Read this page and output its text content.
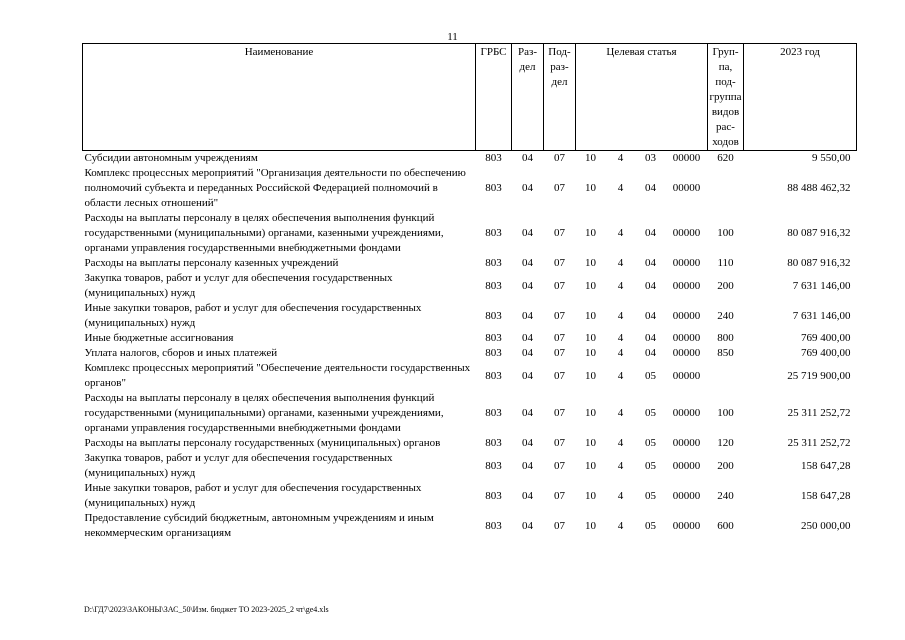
11
Наименование	ГРБС	Раз-дел	Под-раз-дел	Целевая статья				Груп-па, под-группа видов рас-ходов	2023 год
Субсидии автономным учреждениям	803	04	07	10	4	03	00000	620	9 550,00
Комплекс процессных мероприятий "Организация деятельности по обеспечению полномочий субъекта и переданных Российской Федерацией полномочий в области лесных отношений"	803	04	07	10	4	04	00000		88 488 462,32
Расходы на выплаты персоналу в целях обеспечения выполнения функций государственными (муниципальными) органами, казенными учреждениями, органами управления государственными внебюджетными фондами	803	04	07	10	4	04	00000	100	80 087 916,32
Расходы на выплаты персоналу казенных учреждений	803	04	07	10	4	04	00000	110	80 087 916,32
Закупка товаров, работ и услуг для обеспечения государственных (муниципальных) нужд	803	04	07	10	4	04	00000	200	7 631 146,00
Иные закупки товаров, работ и услуг для обеспечения государственных (муниципальных) нужд	803	04	07	10	4	04	00000	240	7 631 146,00
Иные бюджетные ассигнования	803	04	07	10	4	04	00000	800	769 400,00
Уплата налогов, сборов и иных платежей	803	04	07	10	4	04	00000	850	769 400,00
Комплекс процессных мероприятий "Обеспечение деятельности государственных органов"	803	04	07	10	4	05	00000		25 719 900,00
Расходы на выплаты персоналу в целях обеспечения выполнения функций государственными (муниципальными) органами, казенными учреждениями, органами управления государственными внебюджетными фондами	803	04	07	10	4	05	00000	100	25 311 252,72
Расходы на выплаты персоналу государственных (муниципальных) органов	803	04	07	10	4	05	00000	120	25 311 252,72
Закупка товаров, работ и услуг для обеспечения государственных (муниципальных) нужд	803	04	07	10	4	05	00000	200	158 647,28
Иные закупки товаров, работ и услуг для обеспечения государственных (муниципальных) нужд	803	04	07	10	4	05	00000	240	158 647,28
Предоставление субсидий бюджетным, автономным учреждениям и иным некоммерческим организациям	803	04	07	10	4	05	00000	600	250 000,00
D:\ГД7\2023\ЗАКОНЫ\ЗАС_50\Изм. бюджет ТО 2023-2025_2 чт\ge4.xls
